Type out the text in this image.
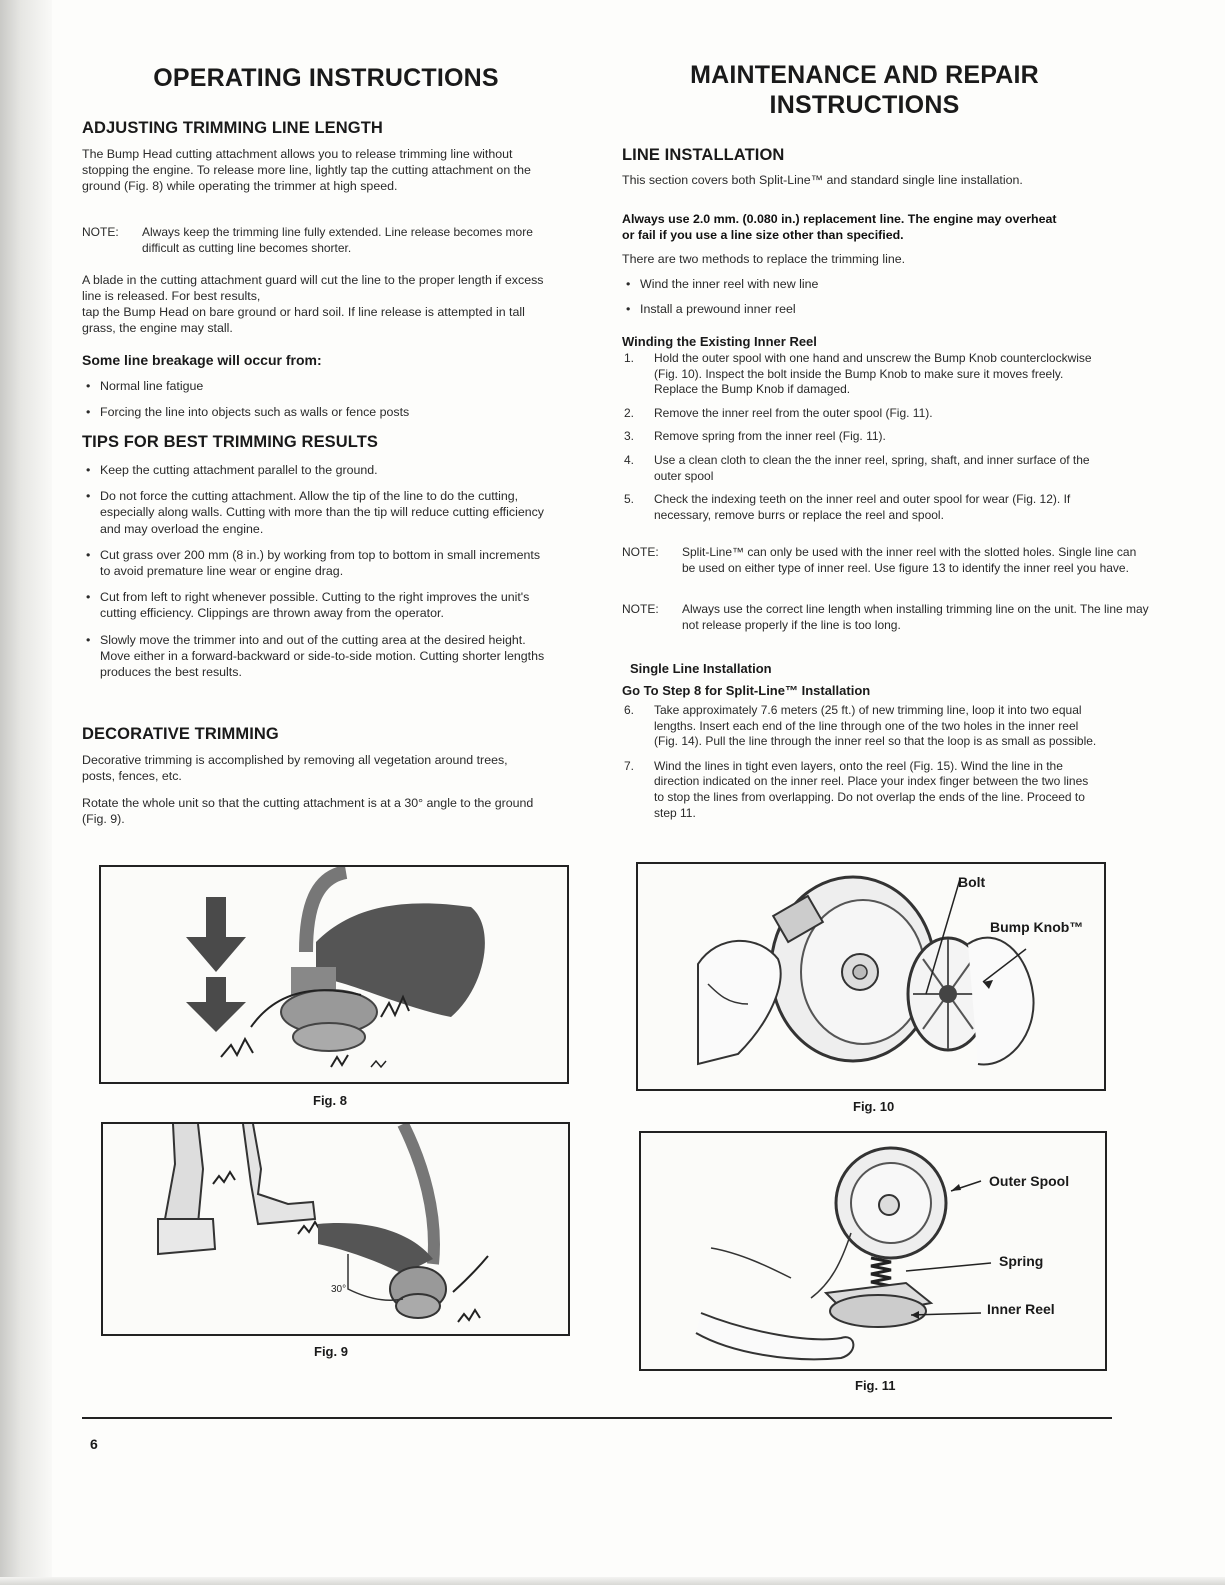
OPERATING INSTRUCTIONS
ADJUSTING TRIMMING LINE LENGTH

The Bump Head cutting attachment allows you to release trimming line without stopping the engine. To release more line, lightly tap the cutting attachment on the ground (Fig. 8) while operating the trimmer at high speed.

NOTE: Always keep the trimming line fully extended. Line release becomes more difficult as cutting line becomes shorter.

A blade in the cutting attachment guard will cut the line to the proper length if excess line is released. For best results,

tap the Bump Head on bare ground or hard soil. If line release is attempted in tall grass, the engine may stall.

Some line breakage will occur from:
• Normal line fatigue
• Forcing the line into objects such as walls or fence posts
TIPS FOR BEST TRIMMING RESULTS
• Keep the cutting attachment parallel to the ground.
• Do not force the cutting attachment. Allow the tip of the line to do the cutting, especially along walls. Cutting with more than the tip will reduce cutting efficiency and may overload the engine.
• Cut grass over 200 mm (8 in.) by working from top to bottom in small increments to avoid premature line wear or engine drag.
• Cut from left to right whenever possible. Cutting to the right improves the unit's cutting efficiency. Clippings are thrown away from the operator.
• Slowly move the trimmer into and out of the cutting area at the desired height. Move either in a forward-backward or side-to-side motion. Cutting shorter lengths produces the best results.
DECORATIVE TRIMMING

Decorative trimming is accomplished by removing all vegetation around trees, posts, fences, etc.

Rotate the whole unit so that the cutting attachment is at a 30° angle to the ground (Fig. 9).

Fig. 8
30°
Fig. 9
MAINTENANCE AND REPAIR
INSTRUCTIONS
LINE INSTALLATION

This section covers both Split-Line™ and standard single line installation.

Always use 2.0 mm. (0.080 in.) replacement line. The engine may overheat or fail if you use a line size other than specified.

There are two methods to replace the trimming line.

• Wind the inner reel with new line
• Install a prewound inner reel
Winding the Existing Inner Reel
1. Hold the outer spool with one hand and unscrew the Bump Knob counterclockwise (Fig. 10). Inspect the bolt inside the Bump Knob to make sure it moves freely. Replace the Bump Knob if damaged.
2. Remove the inner reel from the outer spool (Fig. 11).
3. Remove spring from the inner reel (Fig. 11).
4. Use a clean cloth to clean the the inner reel, spring, shaft, and inner surface of the outer spool
5. Check the indexing teeth on the inner reel and outer spool for wear (Fig. 12). If necessary, remove burrs or replace the reel and spool.
NOTE: Split-Line™ can only be used with the inner reel with the slotted holes. Single line can be used on either type of inner reel. Use figure 13 to identify the inner reel you have.
NOTE: Always use the correct line length when installing trimming line on the unit. The line may not release properly if the line is too long.
Single Line Installation
Go To Step 8 for Split-Line™ Installation
6. Take approximately 7.6 meters (25 ft.) of new trimming line, loop it into two equal lengths. Insert each end of the line through one of the two holes in the inner reel (Fig. 14). Pull the line through the inner reel so that the loop is as small as possible.
7. Wind the lines in tight even layers, onto the reel (Fig. 15). Wind the line in the direction indicated on the inner reel. Place your index finger between the two lines to stop the lines from overlapping. Do not overlap the ends of the line. Proceed to step 11.
Bolt
Bump Knob™
Fig. 10
Outer Spool
Spring
Inner Reel
Fig. 11
6
